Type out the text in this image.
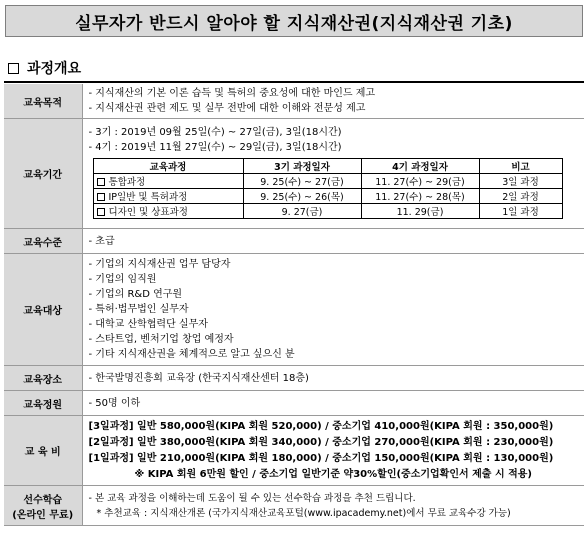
실무자가 반드시 알아야 할 지식재산권(지식재산권 기초)
과정개요
교육목적	
- 지식재산의 기본 이론 습득 및 특허의 중요성에 대한 마인드 제고
- 지식재산권 관련 제도 및 실무 전반에 대한 이해와 전문성 제고

교육기간	
- 3기 : 2019년 09월 25일(수) ~ 27일(금), 3일(18시간)
- 4기 : 2019년 11월 27일(수) ~ 29일(금), 3일(18시간)
교육과정	3기 과정일자	4기 과정일자	비고
통합과정	9. 25(수) ~ 27(금)	11. 27(수) ~ 29(금)	3일 과정
IP일반 및 특허과정	9. 25(수) ~ 26(목)	11. 27(수) ~ 28(목)	2일 과정
디자인 및 상표과정	9. 27(금)	11. 29(금)	1일 과정

교육수준	- 초급

교육대상	
- 기업의 지식재산권 업무 담당자
- 기업의 임직원
- 기업의 R&D 연구원
- 특허·법무법인 실무자
- 대학교 산학협력단 실무자
- 스타트업, 벤처기업 창업 예정자
- 기타 지식재산권을 체계적으로 알고 싶으신 분

교육장소	- 한국발명진흥회 교육장 (한국지식재산센터 18층)

교육정원	- 50명 이하

교 육 비	
[3일과정] 일반 580,000원(KIPA 회원 520,000) / 중소기업 410,000원(KIPA 회원 : 350,000원)
[2일과정] 일반 380,000원(KIPA 회원 340,000) / 중소기업 270,000원(KIPA 회원 : 230,000원)
[1일과정] 일반 210,000원(KIPA 회원 180,000) / 중소기업 150,000원(KIPA 회원 : 130,000원)
※ KIPA 회원 6만원 할인 / 중소기업 일반기준 약30%할인(중소기업확인서 제출 시 적용)

선수학습
(온라인 무료)

- 본 교육 과정을 이해하는데 도움이 될 수 있는 선수학습 과정을 추천 드립니다.
* 추천교육 : 지식재산개론 (국가지식재산교육포털(www.ipacademy.net)에서 무료 교육수강 가능)
